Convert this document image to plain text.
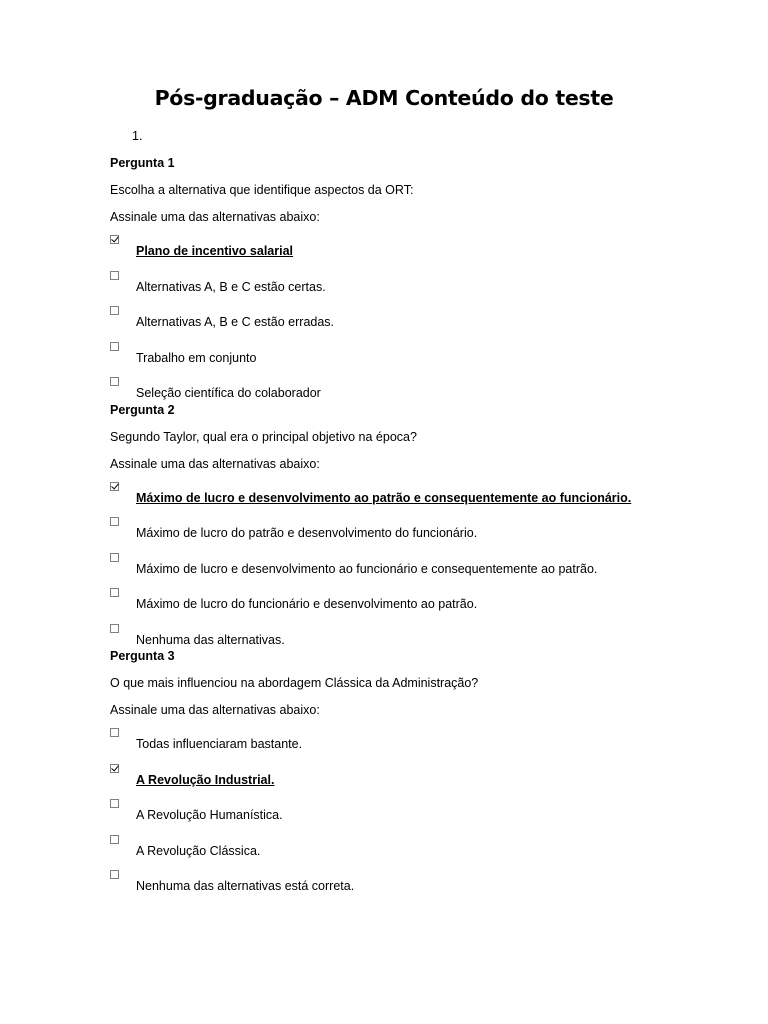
Pós-graduação – ADM Conteúdo do teste
1.
Pergunta 1
Escolha a alternativa que identifique aspectos da ORT:
Assinale uma das alternativas abaixo:
Plano de incentivo salarial
Alternativas A, B e C estão certas.
Alternativas A, B e C estão erradas.
Trabalho em conjunto
Seleção científica do colaborador
Pergunta 2
Segundo Taylor, qual era o principal objetivo na época?
Assinale uma das alternativas abaixo:
Máximo de lucro e desenvolvimento ao patrão e consequentemente ao funcionário.
Máximo de lucro do patrão e desenvolvimento do funcionário.
Máximo de lucro e desenvolvimento ao funcionário e consequentemente ao patrão.
Máximo de lucro do funcionário e desenvolvimento ao patrão.
Nenhuma das alternativas.
Pergunta 3
O que mais influenciou na abordagem Clássica da Administração?
Assinale uma das alternativas abaixo:
Todas influenciaram bastante.
A Revolução Industrial.
A Revolução Humanística.
A Revolução Clássica.
Nenhuma das alternativas está correta.
